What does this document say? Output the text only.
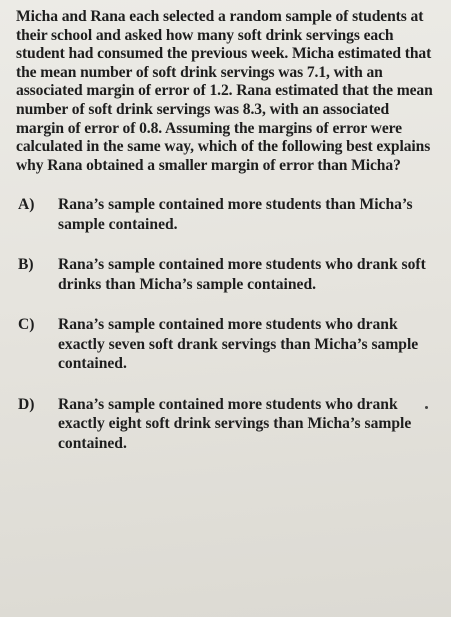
Micha and Rana each selected a random sample of students at their school and asked how many soft drink servings each student had consumed the previous week. Micha estimated that the mean number of soft drink servings was 7.1, with an associated margin of error of 1.2. Rana estimated that the mean number of soft drink servings was 8.3, with an associated margin of error of 0.8. Assuming the margins of error were calculated in the same way, which of the following best explains why Rana obtained a smaller margin of error than Micha?

A)	Rana’s sample contained more students than Micha’s sample contained.
B)	Rana’s sample contained more students who drank soft drinks than Micha’s sample contained.
C)	Rana’s sample contained more students who drank exactly seven soft drank servings than Micha’s sample contained.
D)	Rana’s sample contained more students who drank exactly eight soft drink servings than Micha’s sample contained.
